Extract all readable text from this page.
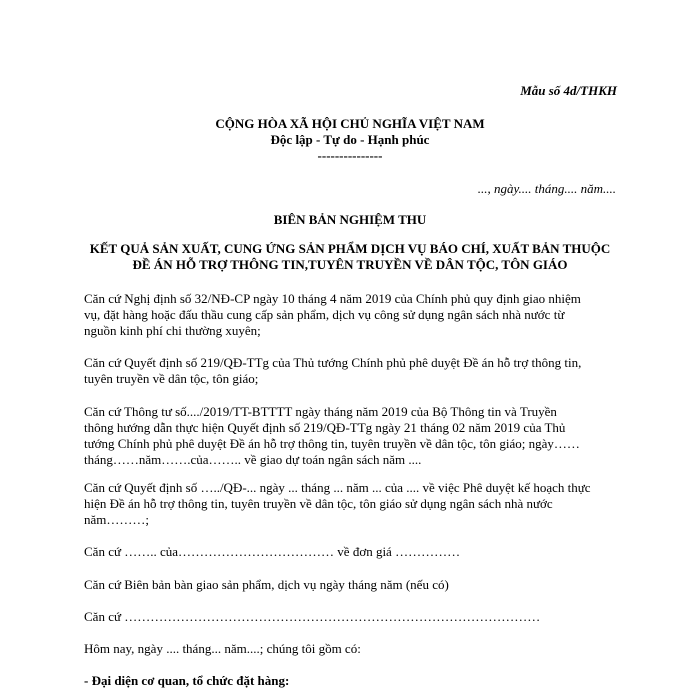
Mẫu số 4d/THKH
CỘNG HÒA XÃ HỘI CHỦ NGHĨA VIỆT NAM
Độc lập - Tự do - Hạnh phúc
---------------
..., ngày.... tháng.... năm....
BIÊN BẢN NGHIỆM THU
KẾT QUẢ SẢN XUẤT, CUNG ỨNG SẢN PHẨM DỊCH VỤ BÁO CHÍ, XUẤT BẢN THUỘC
ĐỀ ÁN HỖ TRỢ THÔNG TIN,TUYÊN TRUYỀN VỀ DÂN TỘC, TÔN GIÁO
Căn cứ Nghị định số 32/NĐ-CP ngày 10 tháng 4 năm 2019 của Chính phủ quy định giao nhiệm
vụ, đặt hàng hoặc đấu thầu cung cấp sản phẩm, dịch vụ công sử dụng ngân sách nhà nước từ
nguồn kinh phí chi thường xuyên;
Căn cứ Quyết định số 219/QĐ-TTg của Thủ tướng Chính phủ phê duyệt Đề án hỗ trợ thông tin,
tuyên truyền về dân tộc, tôn giáo;
Căn cứ Thông tư số..../2019/TT-BTTTT ngày tháng năm 2019 của Bộ Thông tin và Truyền
thông hướng dẫn thực hiện Quyết định số 219/QĐ-TTg ngày 21 tháng 02 năm 2019 của Thủ
tướng Chính phủ phê duyệt Đề án hỗ trợ thông tin, tuyên truyền về dân tộc, tôn giáo; ngày……
tháng……năm…….của…….. về giao dự toán ngân sách năm ....
Căn cứ Quyết định số …../QĐ-... ngày ... tháng ... năm ... của .... về việc Phê duyệt kế hoạch thực
hiện Đề án hỗ trợ thông tin, tuyên truyền về dân tộc, tôn giáo sử dụng ngân sách nhà nước
năm………;
Căn cứ …….. của……………………………… về đơn giá ……………
Căn cứ Biên bản bàn giao sản phẩm, dịch vụ ngày tháng năm (nếu có)
Căn cứ ……………………………………………………………………………………
Hôm nay, ngày .... tháng... năm....; chúng tôi gồm có:
- Đại diện cơ quan, tổ chức đặt hàng:
